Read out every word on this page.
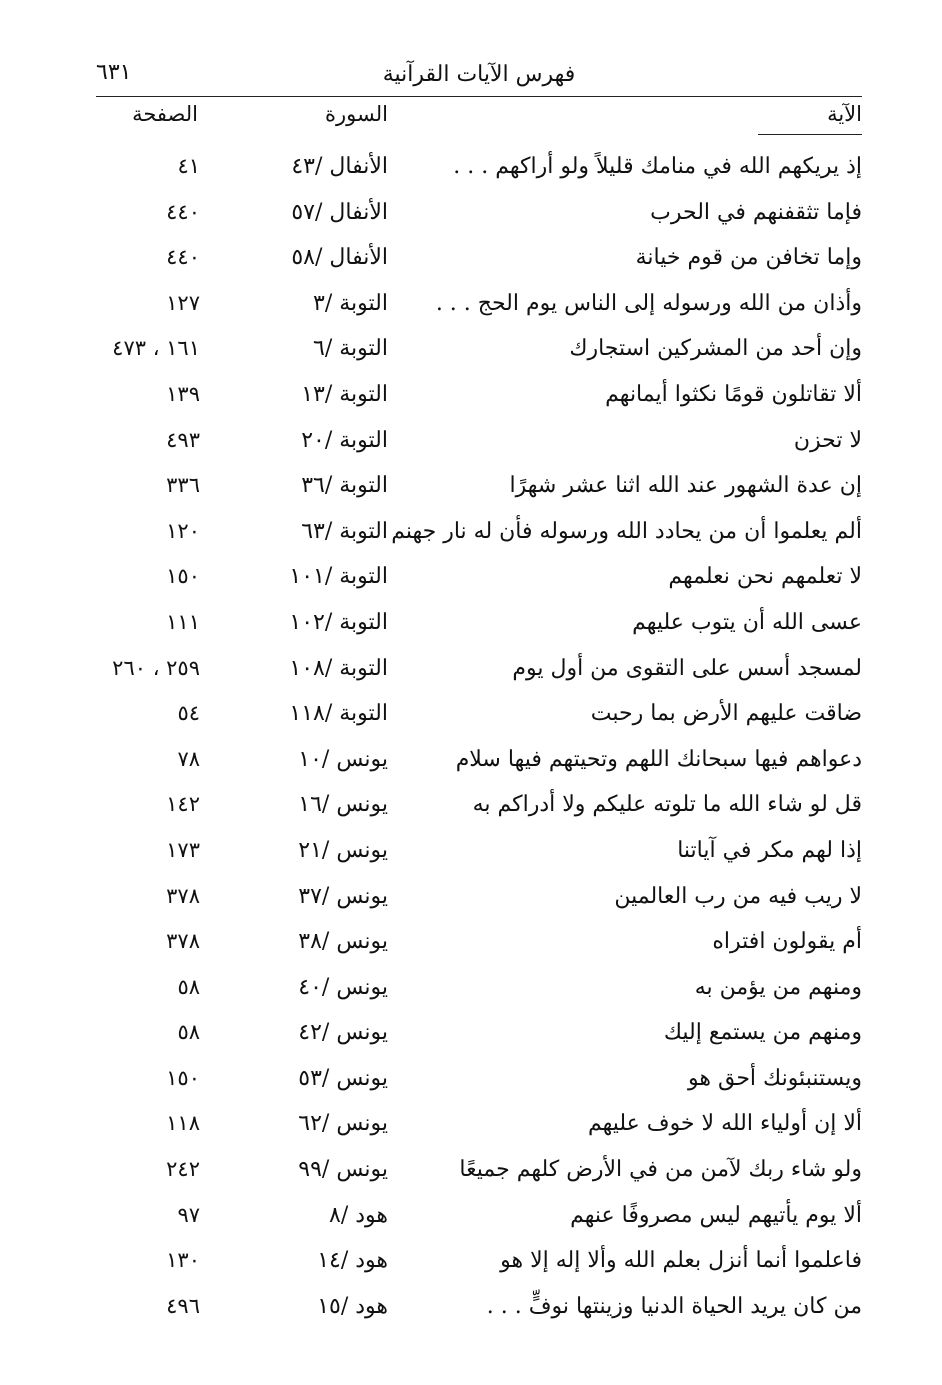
فهرس الآيات القرآنية
٦٣١
الآية
السورة
الصفحة
إذ يريكهم الله في منامك قليلاً ولو أراكهم . . .
الأنفال /٤٣
٤١
فإما تثقفنهم في الحرب
الأنفال /٥٧
٤٤٠
وإما تخافن من قوم خيانة
الأنفال /٥٨
٤٤٠
وأذان من الله ورسوله إلى الناس يوم الحج . . .
التوبة /٣
١٢٧
وإن أحد من المشركين استجارك
التوبة /٦
١٦١ ، ٤٧٣
ألا تقاتلون قومًا نكثوا أيمانهم
التوبة /١٣
١٣٩
لا تحزن
التوبة /٢٠
٤٩٣
إن عدة الشهور عند الله اثنا عشر شهرًا
التوبة /٣٦
٣٣٦
ألم يعلموا أن من يحادد الله ورسوله فأن له نار جهنم
التوبة /٦٣
١٢٠
لا تعلمهم نحن نعلمهم
التوبة /١٠١
١٥٠
عسى الله أن يتوب عليهم
التوبة /١٠٢
١١١
لمسجد أسس على التقوى من أول يوم
التوبة /١٠٨
٢٥٩ ، ٢٦٠
ضاقت عليهم الأرض بما رحبت
التوبة /١١٨
٥٤
دعواهم فيها سبحانك اللهم وتحيتهم فيها سلام
يونس /١٠
٧٨
قل لو شاء الله ما تلوته عليكم ولا أدراكم به
يونس /١٦
١٤٢
إذا لهم مكر في آياتنا
يونس /٢١
١٧٣
لا ريب فيه من رب العالمين
يونس /٣٧
٣٧٨
أم يقولون افتراه
يونس /٣٨
٣٧٨
ومنهم من يؤمن به
يونس /٤٠
٥٨
ومنهم من يستمع إليك
يونس /٤٢
٥٨
ويستنبئونك أحق هو
يونس /٥٣
١٥٠
ألا إن أولياء الله لا خوف عليهم
يونس /٦٢
١١٨
ولو شاء ربك لآمن من في الأرض كلهم جميعًا
يونس /٩٩
٢٤٢
ألا يوم يأتيهم ليس مصروفًا عنهم
هود /٨
٩٧
فاعلموا أنما أنزل بعلم الله وألا إله إلا هو
هود /١٤
١٣٠
من كان يريد الحياة الدنيا وزينتها نوفٍّ . . .
هود /١٥
٤٩٦
